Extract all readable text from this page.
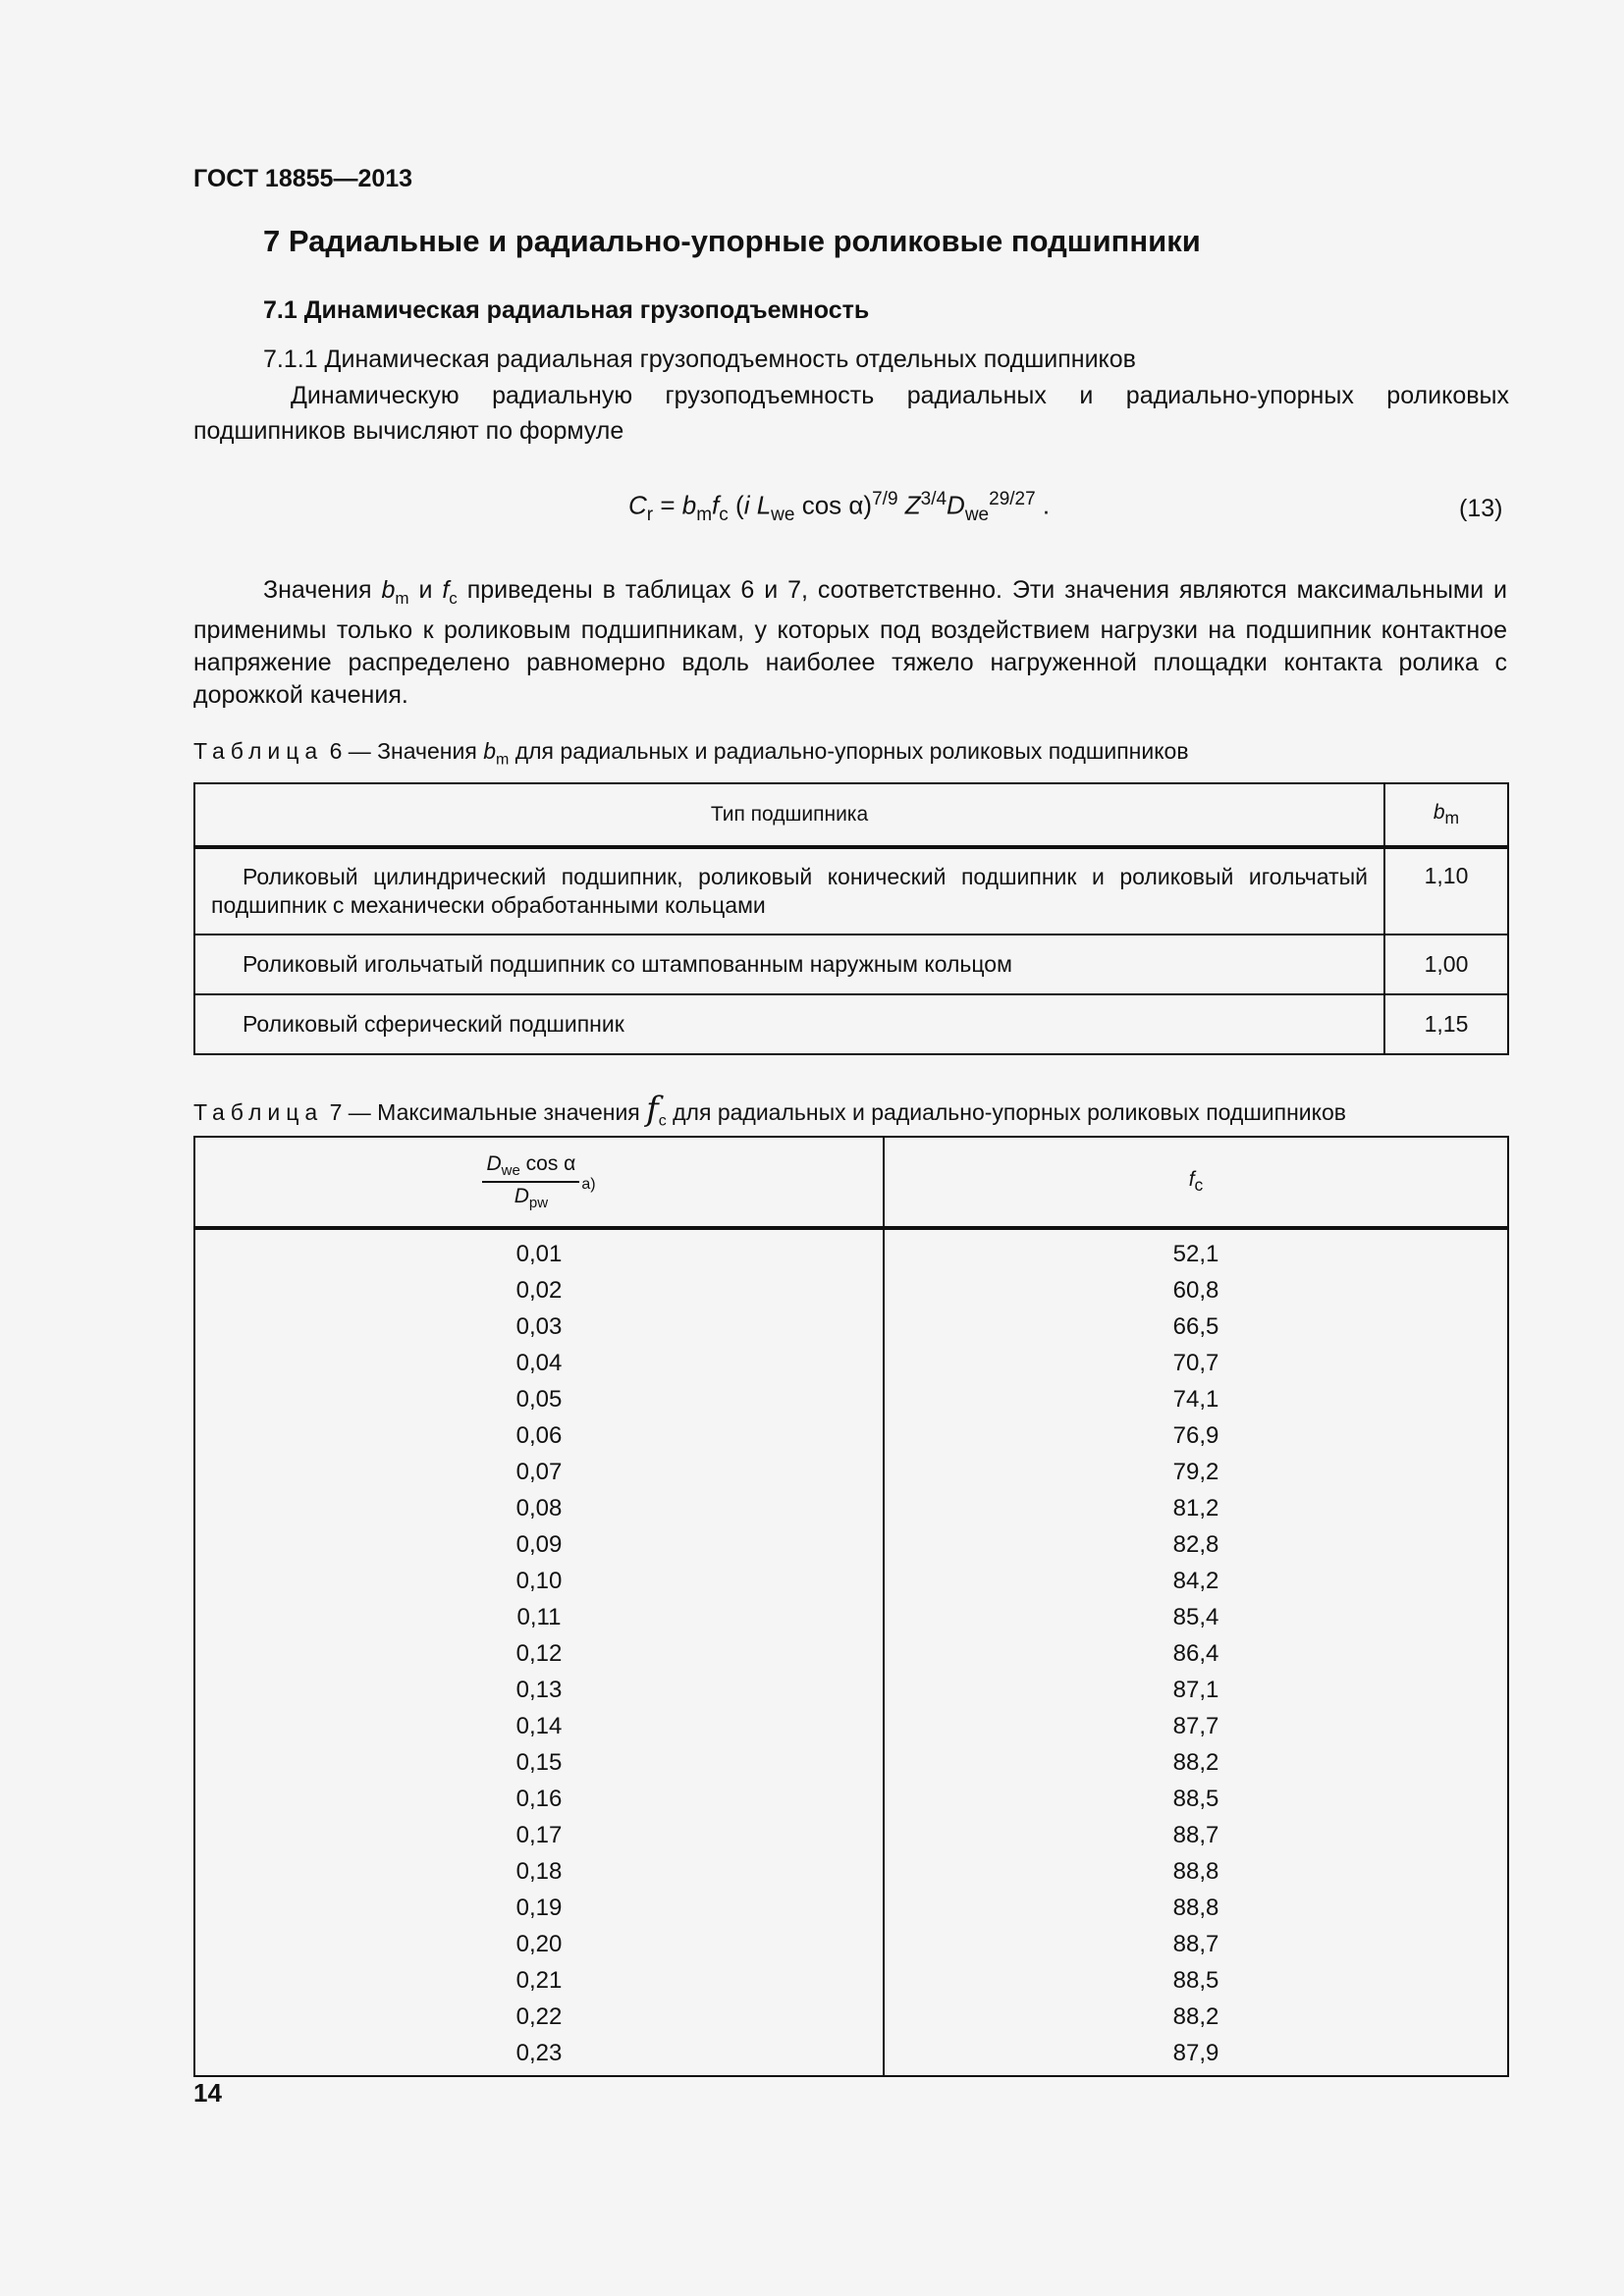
ГОСТ 18855—2013
7 Радиальные и радиально-упорные роликовые подшипники
7.1 Динамическая радиальная грузоподъемность
7.1.1 Динамическая радиальная грузоподъемность отдельных подшипников
Динамическую радиальную грузоподъемность радиальных и радиально-упорных роликовых подшипников вычисляют по формуле
$C_r = b_mf_c$ (i $L_{we}$ cos α)$^{7/9}$ $Z^{3/4}D_{we}^{29/27}$ .	(13)
Значения $b_m$ и $f_c$ приведены в таблицах 6 и 7, соответственно. Эти значения являются максимальными и применимы только к роликовым подшипникам, у которых под воздействием нагрузки на подшипник контактное напряжение распределено равномерно вдоль наиболее тяжело нагруженной площадки контакта ролика с дорожкой качения.
Таблица 6 — Значения $b_m$ для радиальных и радиально-упорных роликовых подшипников
Тип подшипника	$b_m$
Роликовый цилиндрический подшипник, роликовый конический подшипник и роликовый игольчатый подшипник с механически обработанными кольцами	1,10
Роликовый игольчатый подшипник со штампованным наружным кольцом	1,00
Роликовый сферический подшипник	1,15
Таблица 7 — Максимальные значения $f_c$ для радиальных и радиально-упорных роликовых подшипников
$\frac{D_{we} \cos \alpha}{D_{pw}} ^{a)}$	$f_c$
0,01	52,1
0,02	60,8
0,03	66,5
0,04	70,7
0,05	74,1
0,06	76,9
0,07	79,2
0,08	81,2
0,09	82,8
0,10	84,2
0,11	85,4
0,12	86,4
0,13	87,1
0,14	87,7
0,15	88,2
0,16	88,5
0,17	88,7
0,18	88,8
0,19	88,8
0,20	88,7
0,21	88,5
0,22	88,2
0,23	87,9
14
